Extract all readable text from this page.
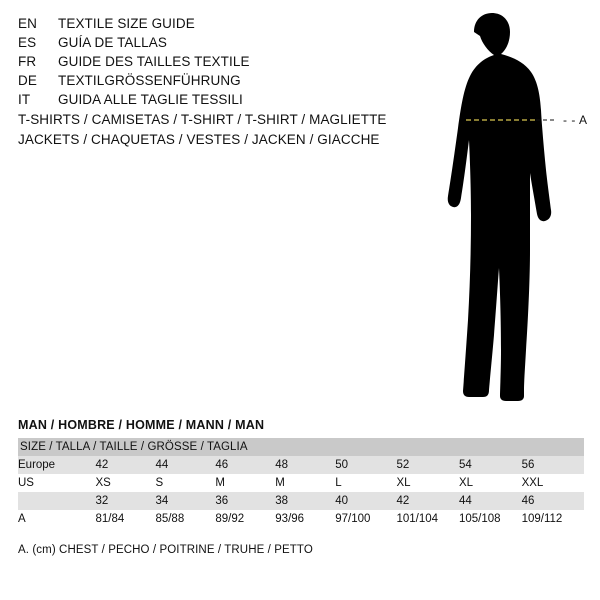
EN	TEXTILE SIZE GUIDE
ES	GUÍA DE TALLAS
FR	GUIDE DES TAILLES TEXTILE
DE	TEXTILGRÖSSENFÜHRUNG
IT	GUIDA ALLE TAGLIE TESSILI
T-SHIRTS / CAMISETAS / T-SHIRT / T-SHIRT / MAGLIETTE
JACKETS / CHAQUETAS / VESTES / JACKEN / GIACCHE
- - A
MAN / HOMBRE / HOMME / MANN / MAN
SIZE / TALLA / TAILLE / GRÖSSE / TAGLIA								
Europe	42	44	46	48	50	52	54	56
US	XS	S	M	M	L	XL	XL	XXL
	32	34	36	38	40	42	44	46
A	81/84	85/88	89/92	93/96	97/100	101/104	105/108	109/112
A. (cm) CHEST / PECHO / POITRINE / TRUHE / PETTO
